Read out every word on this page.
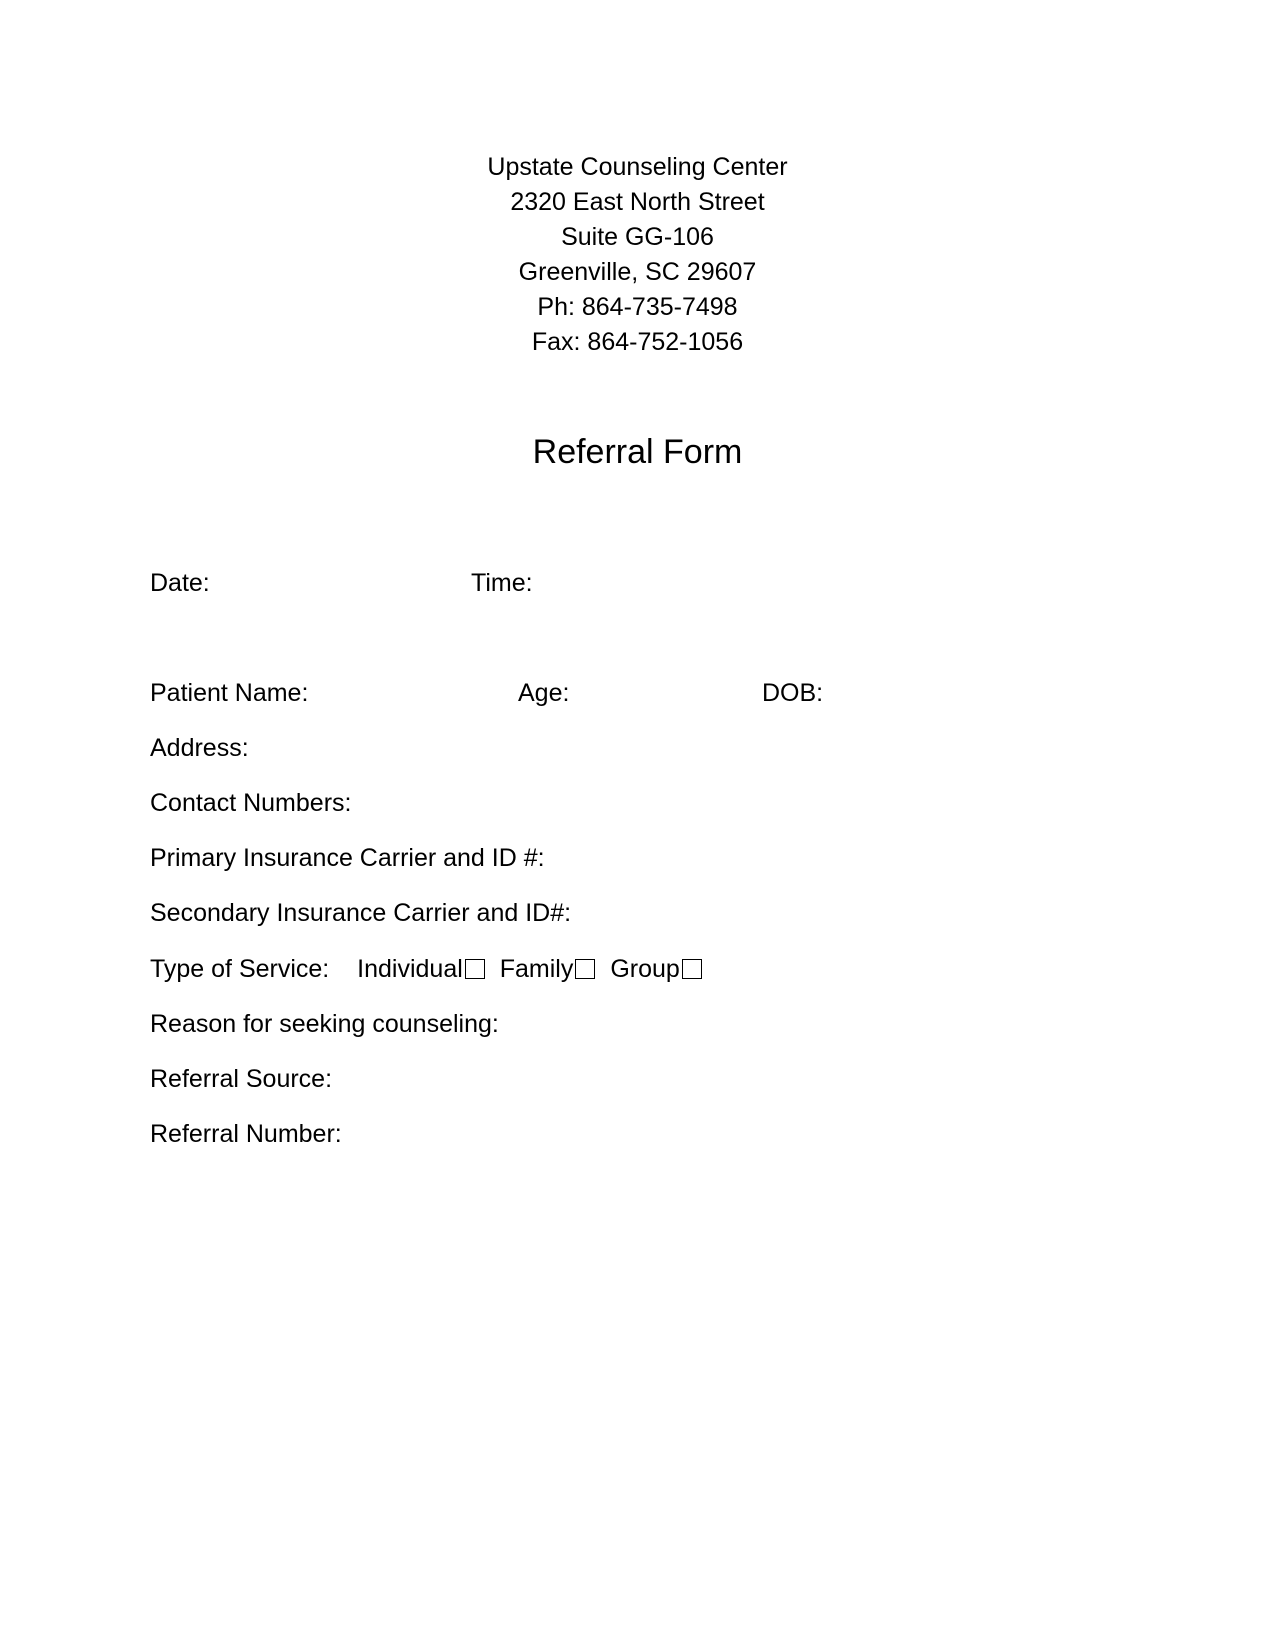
Upstate Counseling Center
2320 East North Street
Suite GG-106
Greenville, SC 29607
Ph: 864-735-7498
Fax: 864-752-1056
Referral Form
Date:	Time:
Patient Name:	Age:	DOB:
Address:
Contact Numbers:
Primary Insurance Carrier and ID #:
Secondary Insurance Carrier and ID#:
Type of Service: Individual Family Group
Reason for seeking counseling:
Referral Source:
Referral Number:
